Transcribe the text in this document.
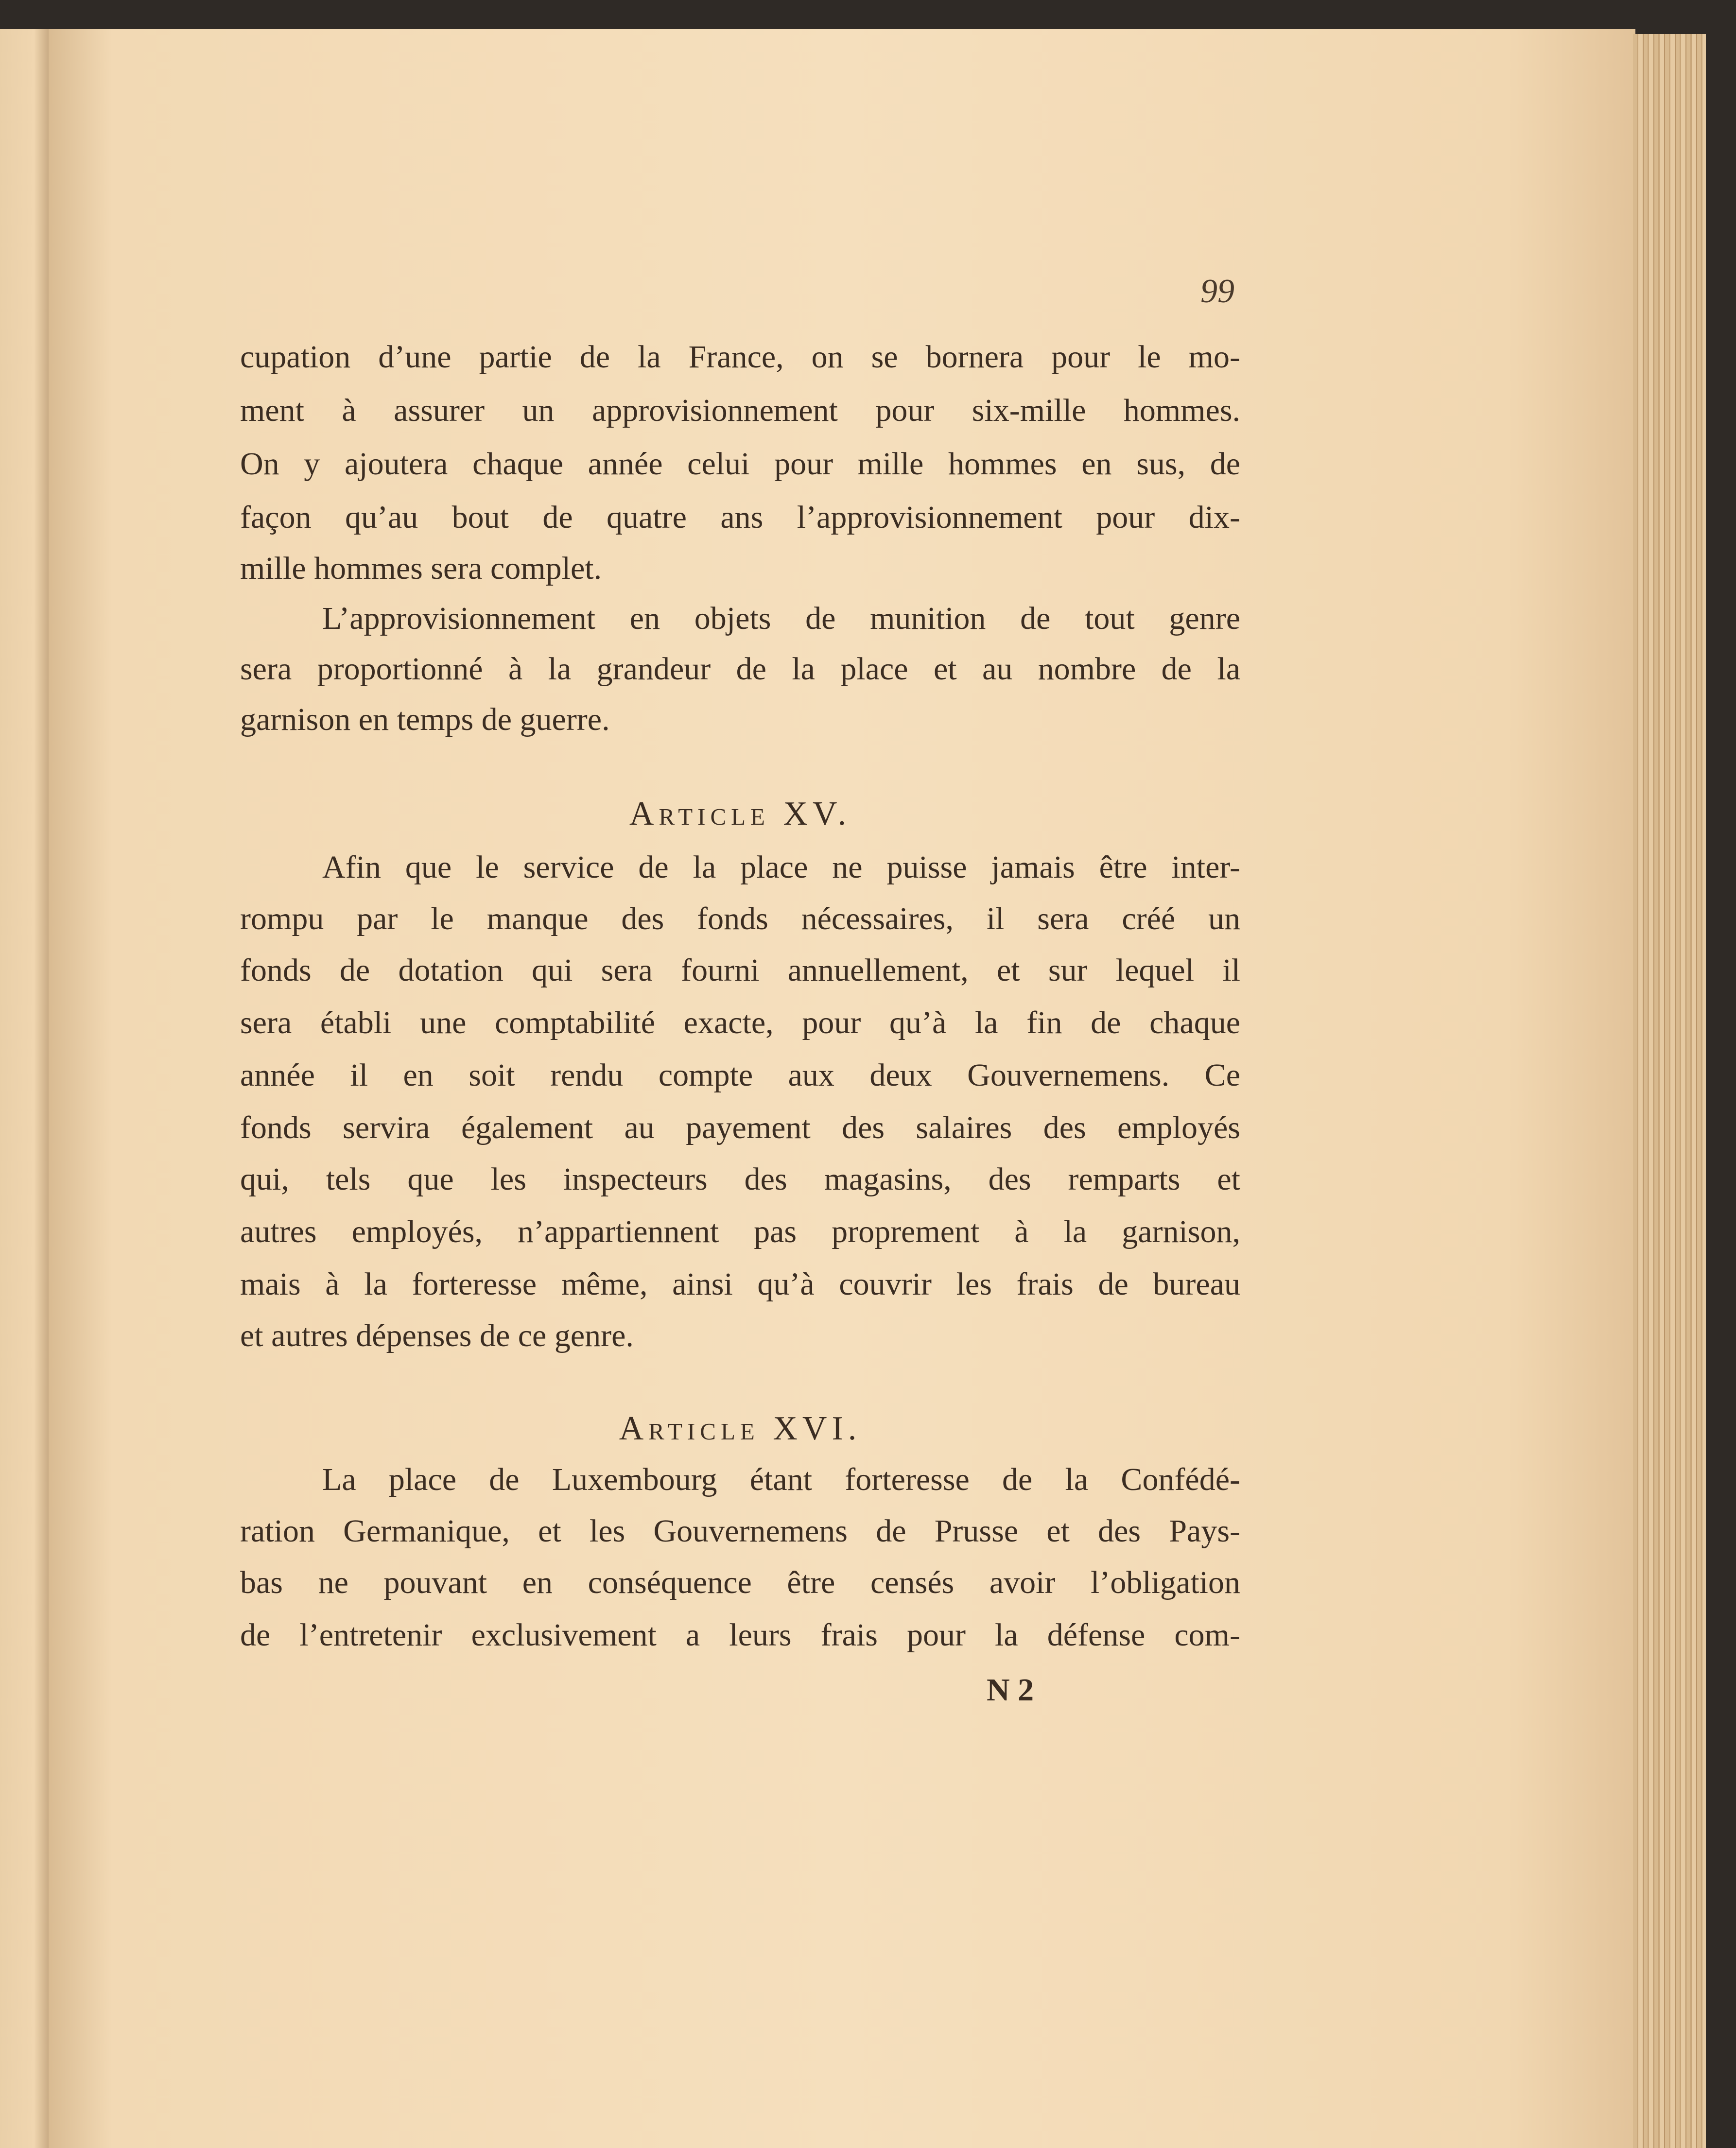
99
cupation d’une partie de la France, on se bornera pour le mo-
ment à assurer un approvisionnement pour six-mille hommes.
On y ajoutera chaque année celui pour mille hommes en sus, de
façon qu’au bout de quatre ans l’approvisionnement pour dix-
mille hommes sera complet.
L’approvisionnement en objets de munition de tout genre
sera proportionné à la grandeur de la place et au nombre de la
garnison en temps de guerre.
Article XV.
Afin que le service de la place ne puisse jamais être inter-
rompu par le manque des fonds nécessaires, il sera créé un
fonds de dotation qui sera fourni annuellement, et sur lequel il
sera établi une comptabilité exacte, pour qu’à la fin de chaque
année il en soit rendu compte aux deux Gouvernemens. Ce
fonds servira également au payement des salaires des employés
qui, tels que les inspecteurs des magasins, des remparts et
autres employés, n’appartiennent pas proprement à la garnison,
mais à la forteresse même, ainsi qu’à couvrir les frais de bureau
et autres dépenses de ce genre.
Article XVI.
La place de Luxembourg étant forteresse de la Confédé-
ration Germanique, et les Gouvernemens de Prusse et des Pays-
bas ne pouvant en conséquence être censés avoir l’obligation
de l’entretenir exclusivement a leurs frais pour la défense com-
N 2
